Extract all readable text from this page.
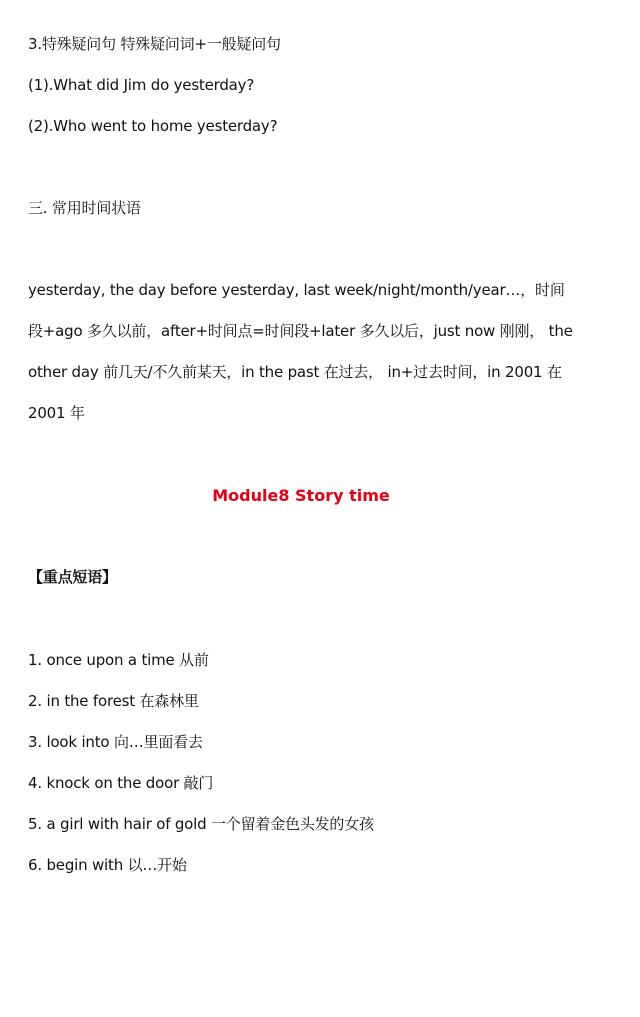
3.特殊疑问句 特殊疑问词+一般疑问句
(1).What did Jim do yesterday?
(2).Who went to home yesterday?
三. 常用时间状语
yesterday, the day before yesterday, last week/night/month/year…，时间
段+ago 多久以前，after+时间点=时间段+later 多久以后，just now 刚刚， the
other day 前几天/不久前某天，in the past 在过去， in+过去时间，in 2001 在
2001 年
Module8 Story time
【重点短语】
1. once upon a time 从前
2. in the forest 在森林里
3. look into 向…里面看去
4. knock on the door 敲门
5. a girl with hair of gold 一个留着金色头发的女孩
6. begin with 以…开始
